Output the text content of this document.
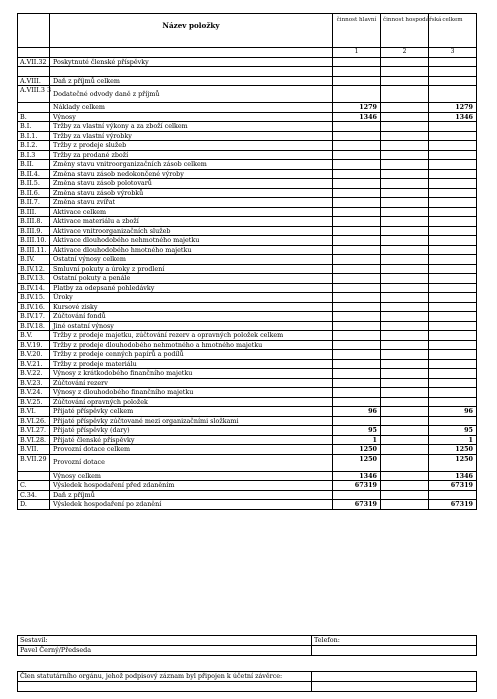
	Název položky	činnost hlavní	činnost hospodářská	celkem
		1	2	3
A.VII.32	Poskytnuté členské příspěvky			

A.VIII.	Daň z příjmů celkem			
A.VIII.3 3	Dodatečné odvody daně z příjmů			
	Náklady celkem	1279		1279
B.	Výnosy	1346		1346
B.I.	Tržby za vlastní výkony a za zboží celkem			
B.I.1.	Tržby za vlastní výrobky			
B.I.2.	Tržby z prodeje služeb			
B.I.3	Tržby za prodané zboží			
B.II.	Změny stavu vnitroorganizačních zásob celkem			
B.II.4.	Změna stavu zásob nedokončené výroby			
B.II.5.	Změna stavu zásob polotovarů			
B.II.6.	Změna stavu zásob výrobků			
B.II.7.	Změna stavu zvířat			
B.III.	Aktivace celkem			
B.III.8.	Aktivace materiálu a zboží			
B.III.9.	Aktivace vnitroorganizačních služeb			
B.III.10.	Aktivace dlouhodobého nehmotného majetku			
B.III.11.	Aktivace dlouhodobého hmotného majetku			
B.IV.	Ostatní výnosy celkem			
B.IV.12.	Smluvní pokuty a úroky z prodlení			
B.IV.13.	Ostatní pokuty a penále			
B.IV.14.	Platby za odepsané pohledávky			
B.IV.15.	Úroky			
B.IV.16.	Kursové zisky			
B.IV.17.	Zúčtování fondů			
B.IV.18.	Jiné ostatní výnosy			
B.V.	Tržby z prodeje majetku, zúčtování rezerv a opravných položek celkem			
B.V.19.	Tržby z prodeje dlouhodobého nehmotného a hmotného majetku			
B.V.20.	Tržby z prodeje cenných papírů a podílů			
B.V.21.	Tržby z prodeje materiálu			
B.V.22.	Výnosy z krátkodobého finančního majetku			
B.V.23.	Zúčtování rezerv			
B.V.24.	Výnosy z dlouhodobého finančního majetku			
B.V.25.	Zúčtování opravných položek			
B.VI.	Přijaté příspěvky celkem	96		96
B.VI.26.	Přijaté příspěvky zúčtované mezi organizačními složkami			
B.VI.27.	Přijaté příspěvky (dary)	95		95
B.VI.28.	Přijaté členské příspěvky	1		1
B.VII.	Provozní dotace celkem	1250		1250
B.VII.29 .	Provozní dotace	1250		1250
	Výnosy celkem	1346		1346
C.	Výsledek hospodaření před zdaněním	67319		67319
C.34.	Daň z příjmů			
D.	Výsledek hospodaření po zdanění	67319		67319
Sestavil:	Telefon:
Pavel Černý/Předseda	
Člen statutárního orgánu, jehož podpisový záznam byl připojen k účetní závěrce:	
